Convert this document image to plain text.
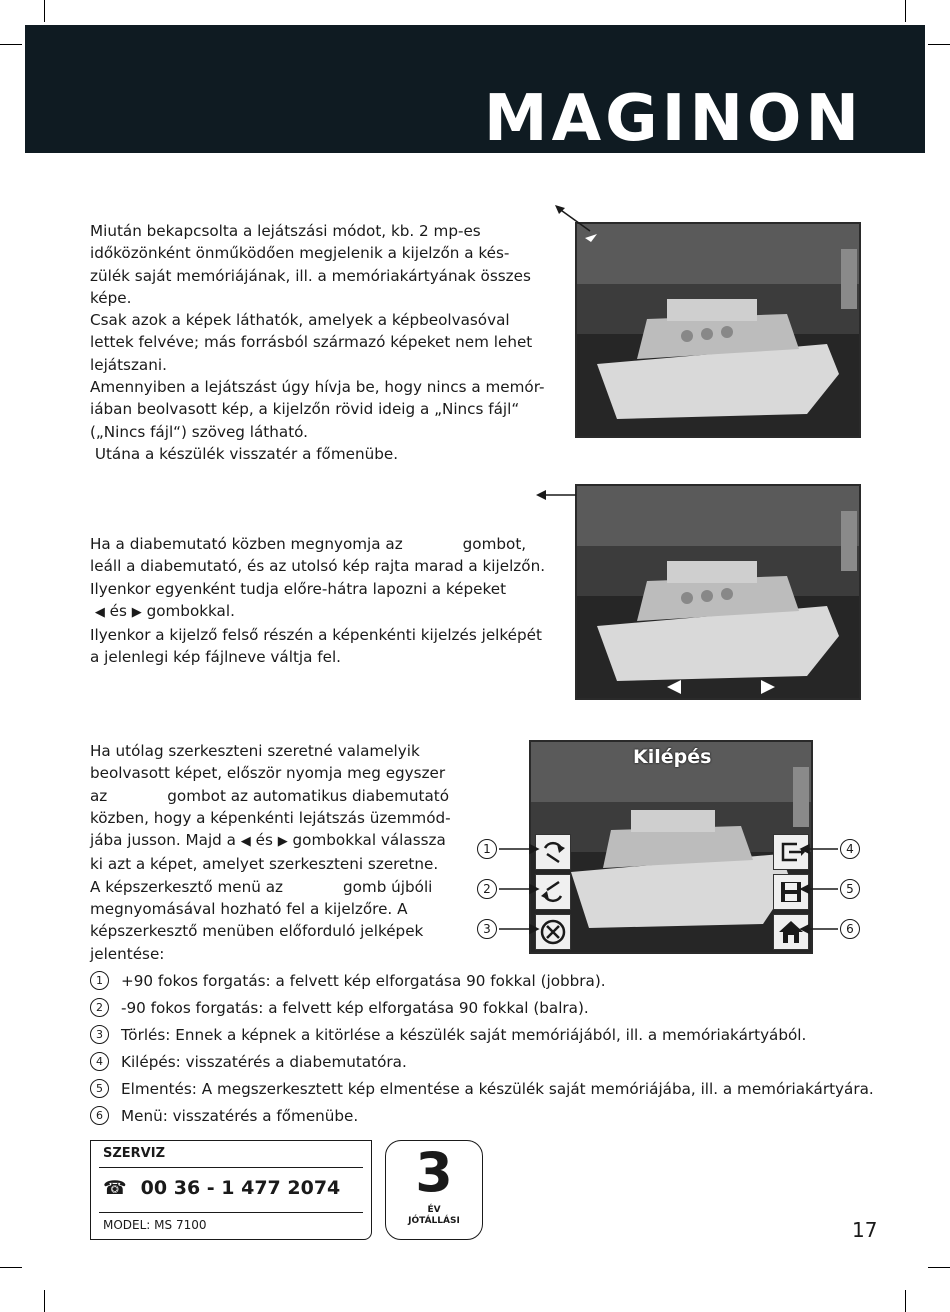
MAGINON

Miután bekapcsolta a lejátszási módot, kb. 2 mp-es

időközönként önműködően megjelenik a kijelzőn a kés-

zülék saját memóriájának, ill. a memóriakártyának összes

képe.

Csak azok a képek láthatók, amelyek a képbeolvasóval

lettek felvéve; más forrásból származó képeket nem lehet

lejátszani.

Amennyiben a lejátszást úgy hívja be, hogy nincs a memór-

iában beolvasott kép, a kijelzőn rövid ideig a „Nincs fájl“

(„Nincs fájl“) szöveg látható.

Utána a készülék visszatér a főmenübe.

Ha a diabemutató közben megnyomja az	gombot,

leáll a diabemutató, és az utolsó kép rajta marad a kijelzőn.

Ilyenkor egyenként tudja előre-hátra lapozni a képeket

◀ és ▶ gombokkal.

Ilyenkor a kijelző felső részén a képenkénti kijelzés jelképét

a jelenlegi kép fájlneve váltja fel.

Ha utólag szerkeszteni szeretné valamelyik

beolvasott képet, először nyomja meg egyszer

az	gombot az automatikus diabemutató

közben, hogy a képenkénti lejátszás üzemmód-

jába jusson. Majd a ◀ és ▶ gombokkal válassza

ki azt a képet, amelyet szerkeszteni szeretne.

A képszerkesztő menü az	gomb újbóli

megnyomásával hozható fel a kijelzőre. A

képszerkesztő menüben előforduló jelképek

jelentése:

Kilépés
1
2
3
4
5
6
1	+90 fokos forgatás: a felvett kép elforgatása 90 fokkal (jobbra).
2	-90 fokos forgatás: a felvett kép elforgatása 90 fokkal (balra).
3	Törlés: Ennek a képnek a kitörlése a készülék saját memóriájából, ill. a memóriakártyából.
4	Kilépés: visszatérés a diabemutatóra.
5	Elmentés: A megszerkesztett kép elmentése a készülék saját memóriájába, ill. a memóriakártyára.
6	Menü: visszatérés a főmenübe.
SZERVIZ
☎ 00 36 - 1 477 2074
MODEL: MS 7100
3
ÉV
JÓTÁLLÁSI	17
